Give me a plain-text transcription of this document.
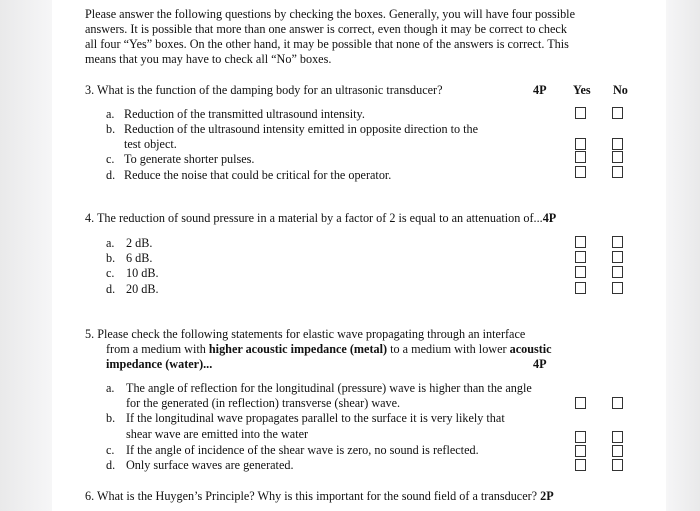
Please answer the following questions by checking the boxes. Generally, you will have four possible
answers. It is possible that more than one answer is correct, even though it may be correct to check
all four “Yes” boxes. On the other hand, it may be possible that none of the answers is correct. This
means that you may have to check all “No” boxes.
3. What is the function of the damping body for an ultrasonic transducer?	4P Yes No
a. Reduction of the transmitted ultrasound intensity.
b. Reduction of the ultrasound intensity emitted in opposite direction to the
test object.
c. To generate shorter pulses.
d. Reduce the noise that could be critical for the operator.
4. The reduction of sound pressure in a material by a factor of 2 is equal to an attenuation of...4P
a. 2 dB.
b. 6 dB.
c. 10 dB.
d. 20 dB.
5. Please check the following statements for elastic wave propagating through an interface
from a medium with higher acoustic impedance (metal) to a medium with lower acoustic
impedance (water)...	4P
a. The angle of reflection for the longitudinal (pressure) wave is higher than the angle
for the generated (in reflection) transverse (shear) wave.
b. If the longitudinal wave propagates parallel to the surface it is very likely that
shear wave are emitted into the water
c. If the angle of incidence of the shear wave is zero, no sound is reflected.
d. Only surface waves are generated.
6. What is the Huygen’s Principle? Why is this important for the sound field of a transducer? 2P
